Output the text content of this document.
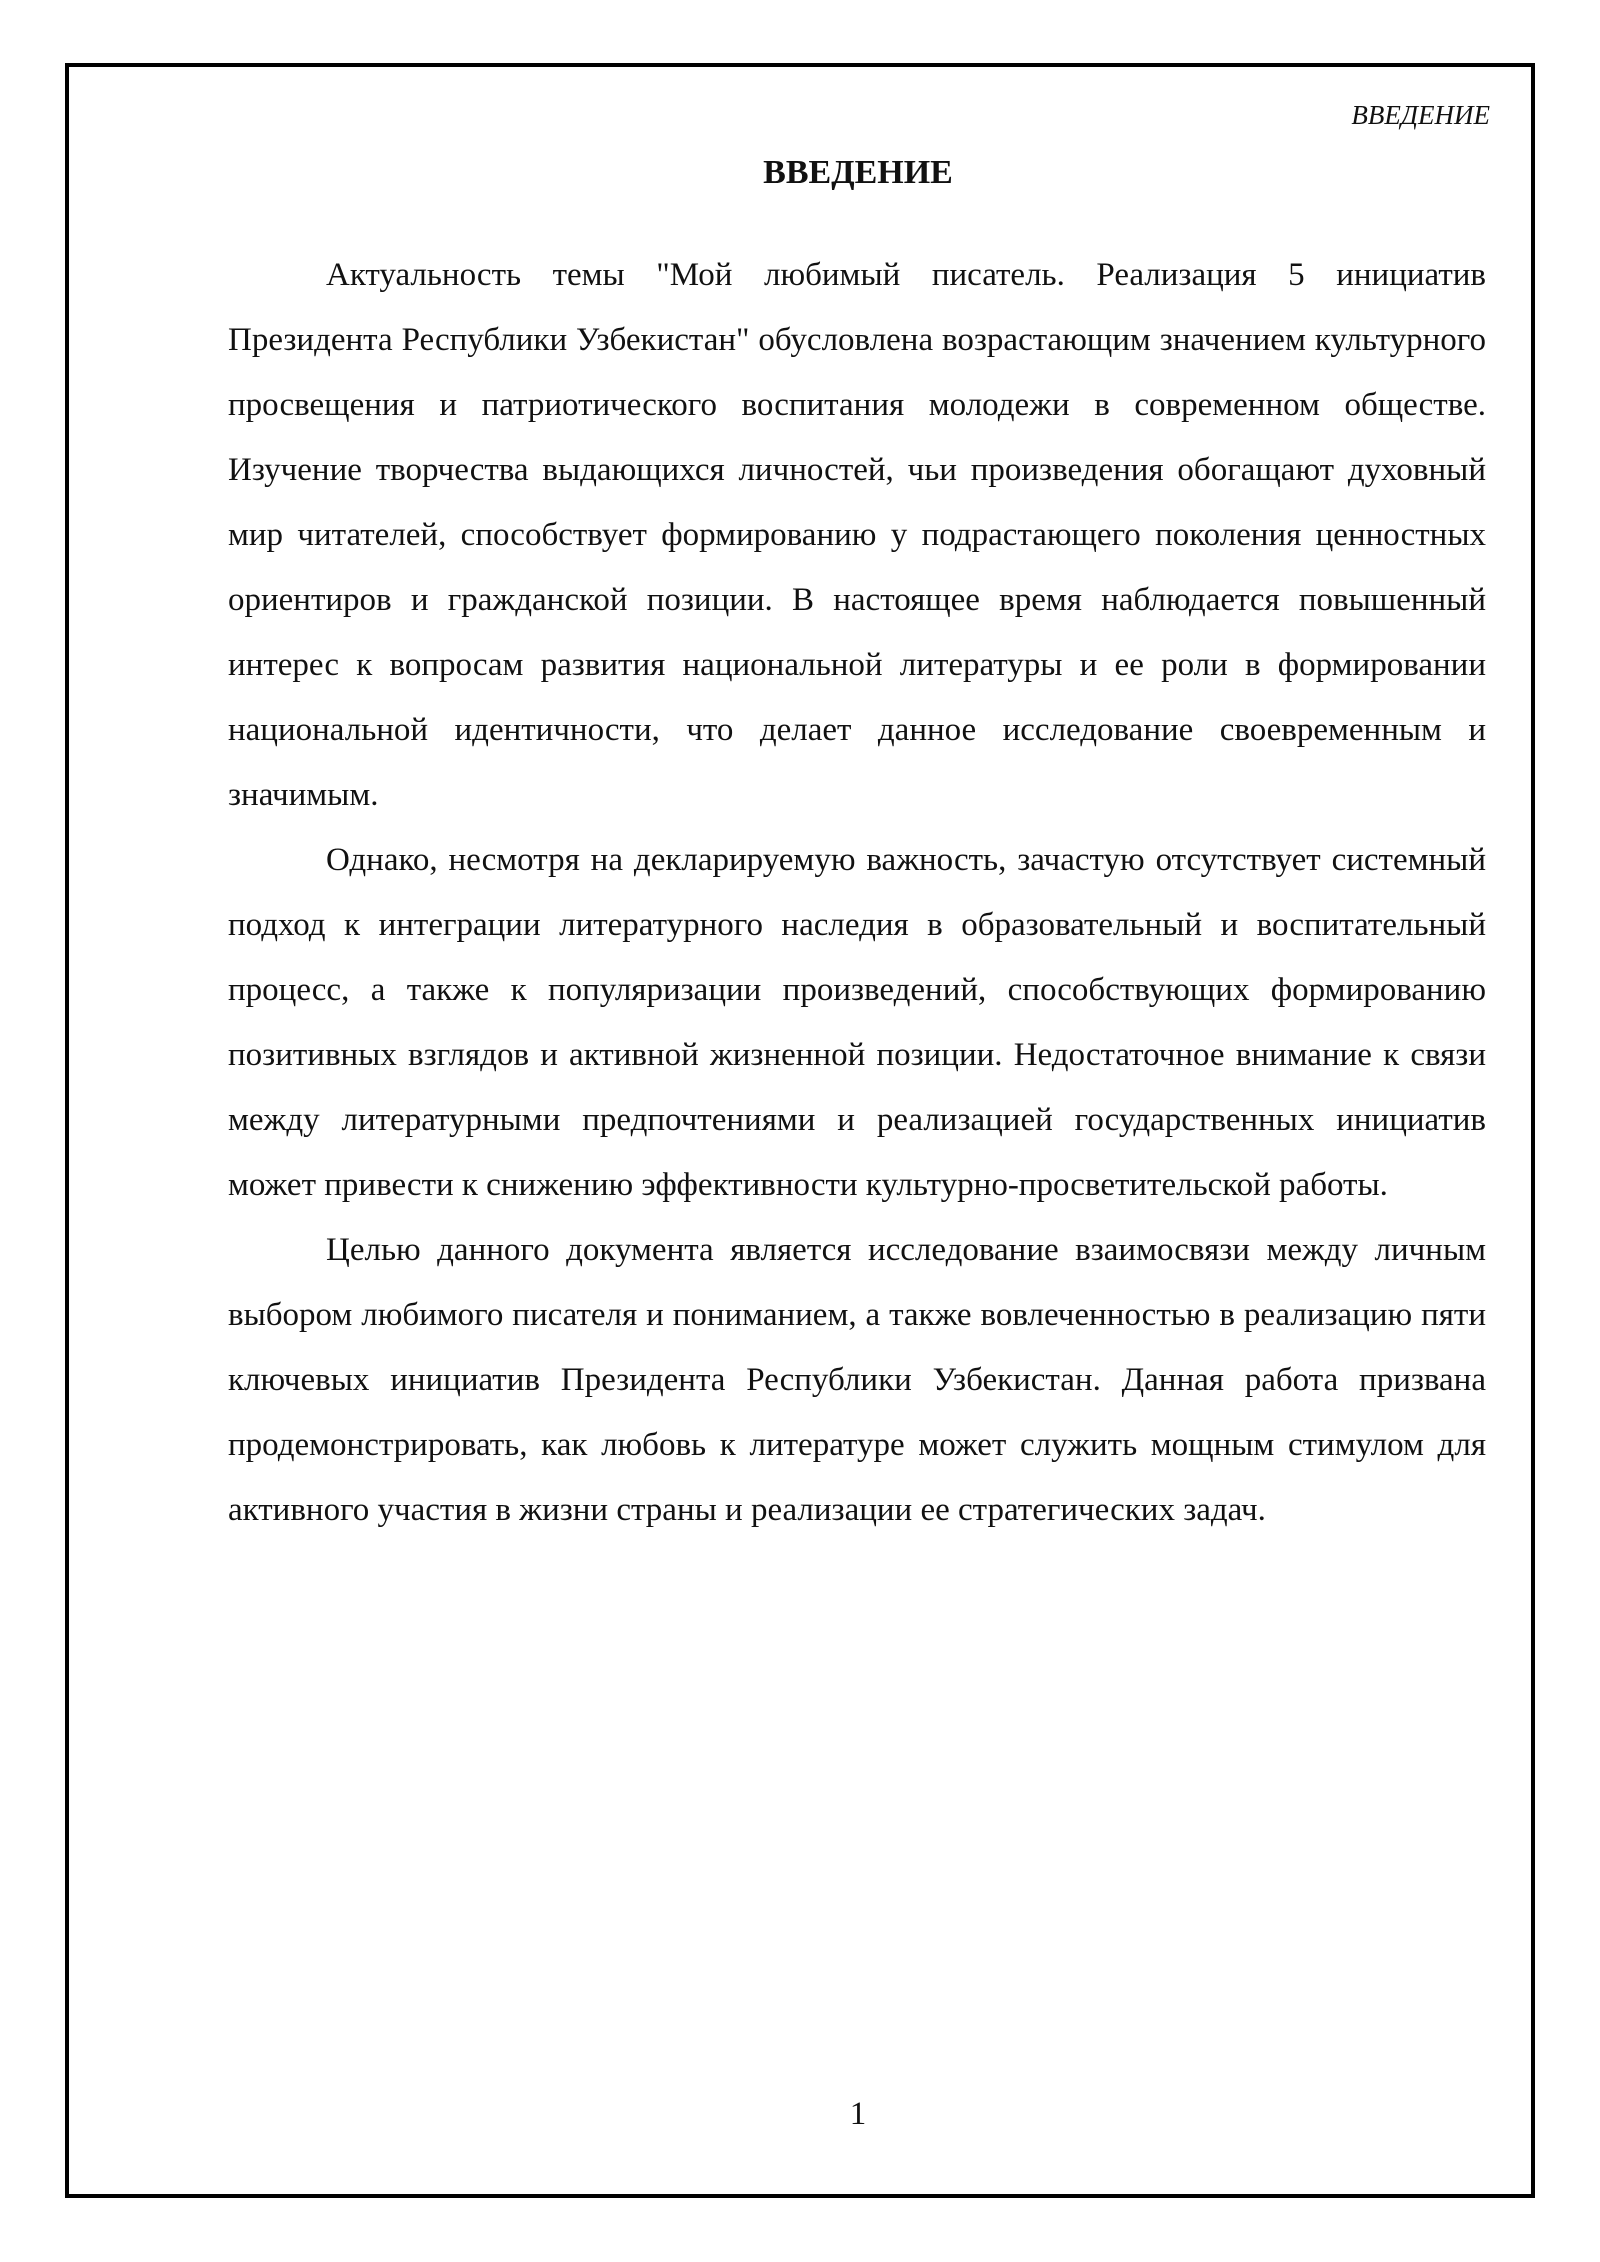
ВВЕДЕНИЕ
ВВЕДЕНИЕ

Актуальность темы "Мой любимый писатель. Реализация 5 инициатив Президента Республики Узбекистан" обусловлена возрастающим значением культурного просвещения и патриотического воспитания молодежи в современном обществе. Изучение творчества выдающихся личностей, чьи произведения обогащают духовный мир читателей, способствует формированию у подрастающего поколения ценностных ориентиров и гражданской позиции. В настоящее время наблюдается повышенный интерес к вопросам развития национальной литературы и ее роли в формировании национальной идентичности, что делает данное исследование своевременным и значимым.

Однако, несмотря на декларируемую важность, зачастую отсутствует системный подход к интеграции литературного наследия в образовательный и воспитательный процесс, а также к популяризации произведений, способствующих формированию позитивных взглядов и активной жизненной позиции. Недостаточное внимание к связи между литературными предпочтениями и реализацией государственных инициатив может привести к снижению эффективности культурно-просветительской работы.

Целью данного документа является исследование взаимосвязи между личным выбором любимого писателя и пониманием, а также вовлеченностью в реализацию пяти ключевых инициатив Президента Республики Узбекистан. Данная работа призвана продемонстрировать, как любовь к литературе может служить мощным стимулом для активного участия в жизни страны и реализации ее стратегических задач.

1
